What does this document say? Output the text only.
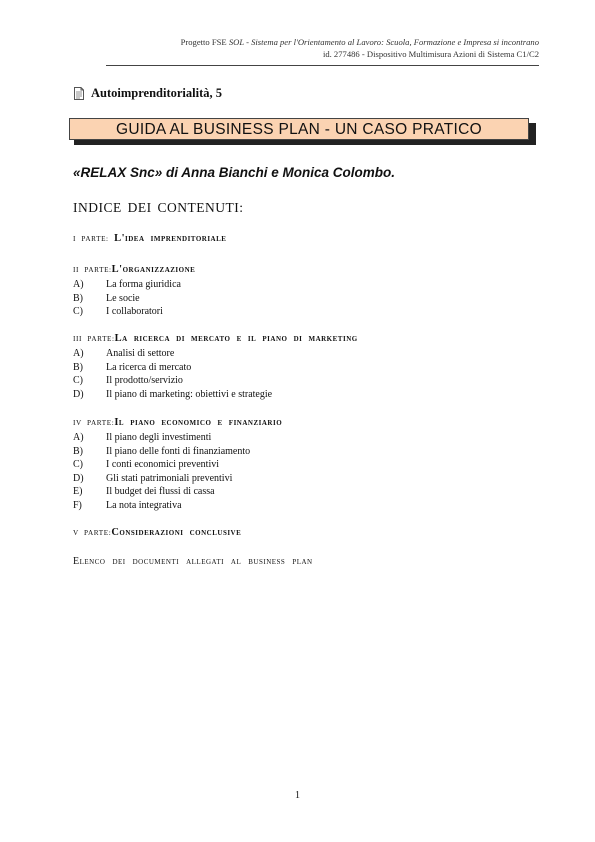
Progetto FSE SOL - Sistema per l'Orientamento al Lavoro: Scuola, Formazione e Impresa si incontrano
id. 277486 - Dispositivo Multimisura Azioni di Sistema C1/C2
Autoimprenditorialità, 5
GUIDA AL BUSINESS PLAN - UN CASO PRATICO
«RELAX Snc» di Anna Bianchi e Monica Colombo.
INDICE DEI CONTENUTI:
I PARTE: L'idea imprenditoriale
II PARTE:L'organizzazione
A)	La forma giuridica
B)	Le socie
C)	I collaboratori
III PARTE:La ricerca di mercato e il piano di marketing
A)	Analisi di settore
B)	La ricerca di mercato
C)	Il prodotto/servizio
D)	Il piano di marketing: obiettivi e strategie
IV PARTE:Il piano economico e finanziario
A)	Il piano degli investimenti
B)	Il piano delle fonti di finanziamento
C)	I conti economici preventivi
D)	Gli stati patrimoniali preventivi
E)	Il budget dei flussi di cassa
F)	La nota integrativa
V PARTE:Considerazioni conclusive
Elenco dei documenti allegati al business plan
1
